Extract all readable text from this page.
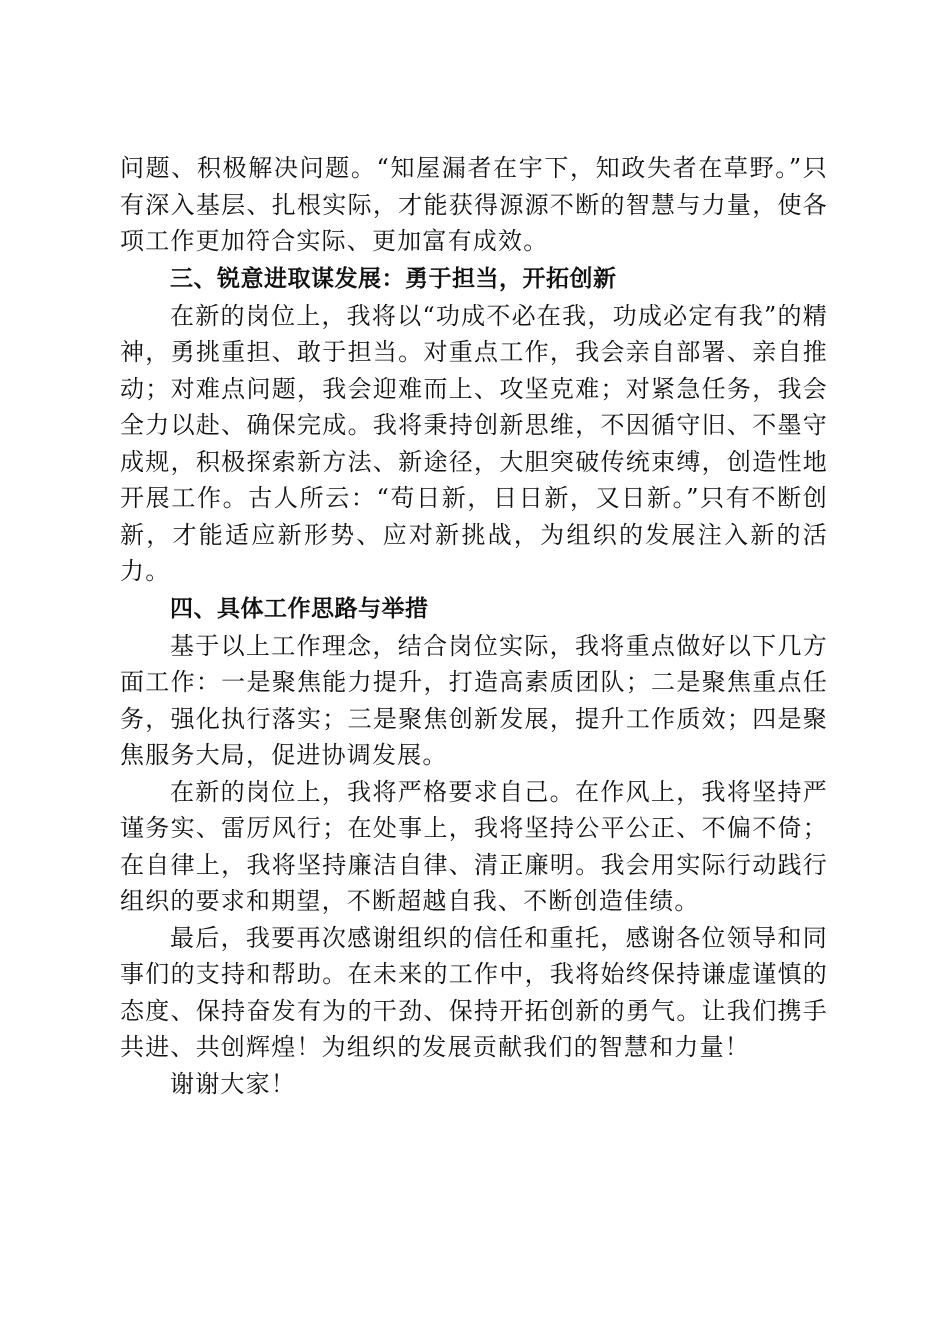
问题、积极解决问题。“知屋漏者在宇下，知政失者在草野。”只有深入基层、扎根实际，才能获得源源不断的智慧与力量，使各项工作更加符合实际、更加富有成效。

三、锐意进取谋发展：勇于担当，开拓创新

在新的岗位上，我将以“功成不必在我，功成必定有我”的精神，勇挑重担、敢于担当。对重点工作，我会亲自部署、亲自推动；对难点问题，我会迎难而上、攻坚克难；对紧急任务，我会全力以赴、确保完成。我将秉持创新思维，不因循守旧、不墨守成规，积极探索新方法、新途径，大胆突破传统束缚，创造性地开展工作。古人所云：“苟日新，日日新，又日新。”只有不断创新，才能适应新形势、应对新挑战，为组织的发展注入新的活力。

四、具体工作思路与举措

基于以上工作理念，结合岗位实际，我将重点做好以下几方面工作：一是聚焦能力提升，打造高素质团队；二是聚焦重点任务，强化执行落实；三是聚焦创新发展，提升工作质效；四是聚焦服务大局，促进协调发展。

在新的岗位上，我将严格要求自己。在作风上，我将坚持严谨务实、雷厉风行；在处事上，我将坚持公平公正、不偏不倚；在自律上，我将坚持廉洁自律、清正廉明。我会用实际行动践行组织的要求和期望，不断超越自我、不断创造佳绩。

最后，我要再次感谢组织的信任和重托，感谢各位领导和同事们的支持和帮助。在未来的工作中，我将始终保持谦虚谨慎的态度、保持奋发有为的干劲、保持开拓创新的勇气。让我们携手共进、共创辉煌！为组织的发展贡献我们的智慧和力量！

谢谢大家！
